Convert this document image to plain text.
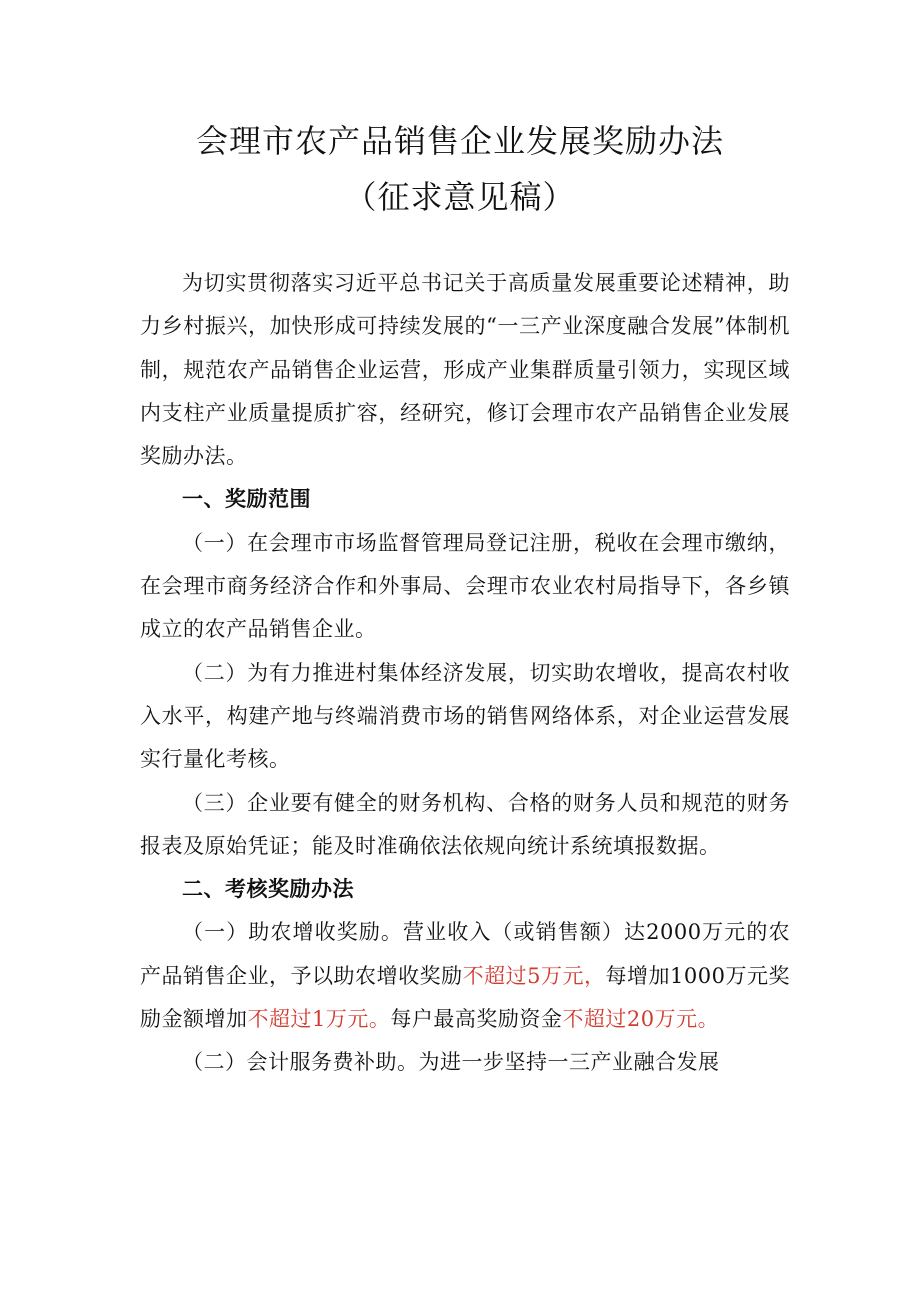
会理市农产品销售企业发展奖励办法
（征求意见稿）

为切实贯彻落实习近平总书记关于高质量发展重要论述精神，助力乡村振兴，加快形成可持续发展的“一三产业深度融合发展”体制机制，规范农产品销售企业运营，形成产业集群质量引领力，实现区域内支柱产业质量提质扩容，经研究，修订会理市农产品销售企业发展奖励办法。

一、奖励范围

（一）在会理市市场监督管理局登记注册，税收在会理市缴纳，在会理市商务经济合作和外事局、会理市农业农村局指导下，各乡镇成立的农产品销售企业。

（二）为有力推进村集体经济发展，切实助农增收，提高农村收入水平，构建产地与终端消费市场的销售网络体系，对企业运营发展实行量化考核。

（三）企业要有健全的财务机构、合格的财务人员和规范的财务报表及原始凭证；能及时准确依法依规向统计系统填报数据。

二、考核奖励办法

（一）助农增收奖励。营业收入（或销售额）达2000万元的农产品销售企业，予以助农增收奖励不超过5万元，每增加1000万元奖励金额增加不超过1万元。每户最高奖励资金不超过20万元。

（二）会计服务费补助。为进一步坚持一三产业融合发展
